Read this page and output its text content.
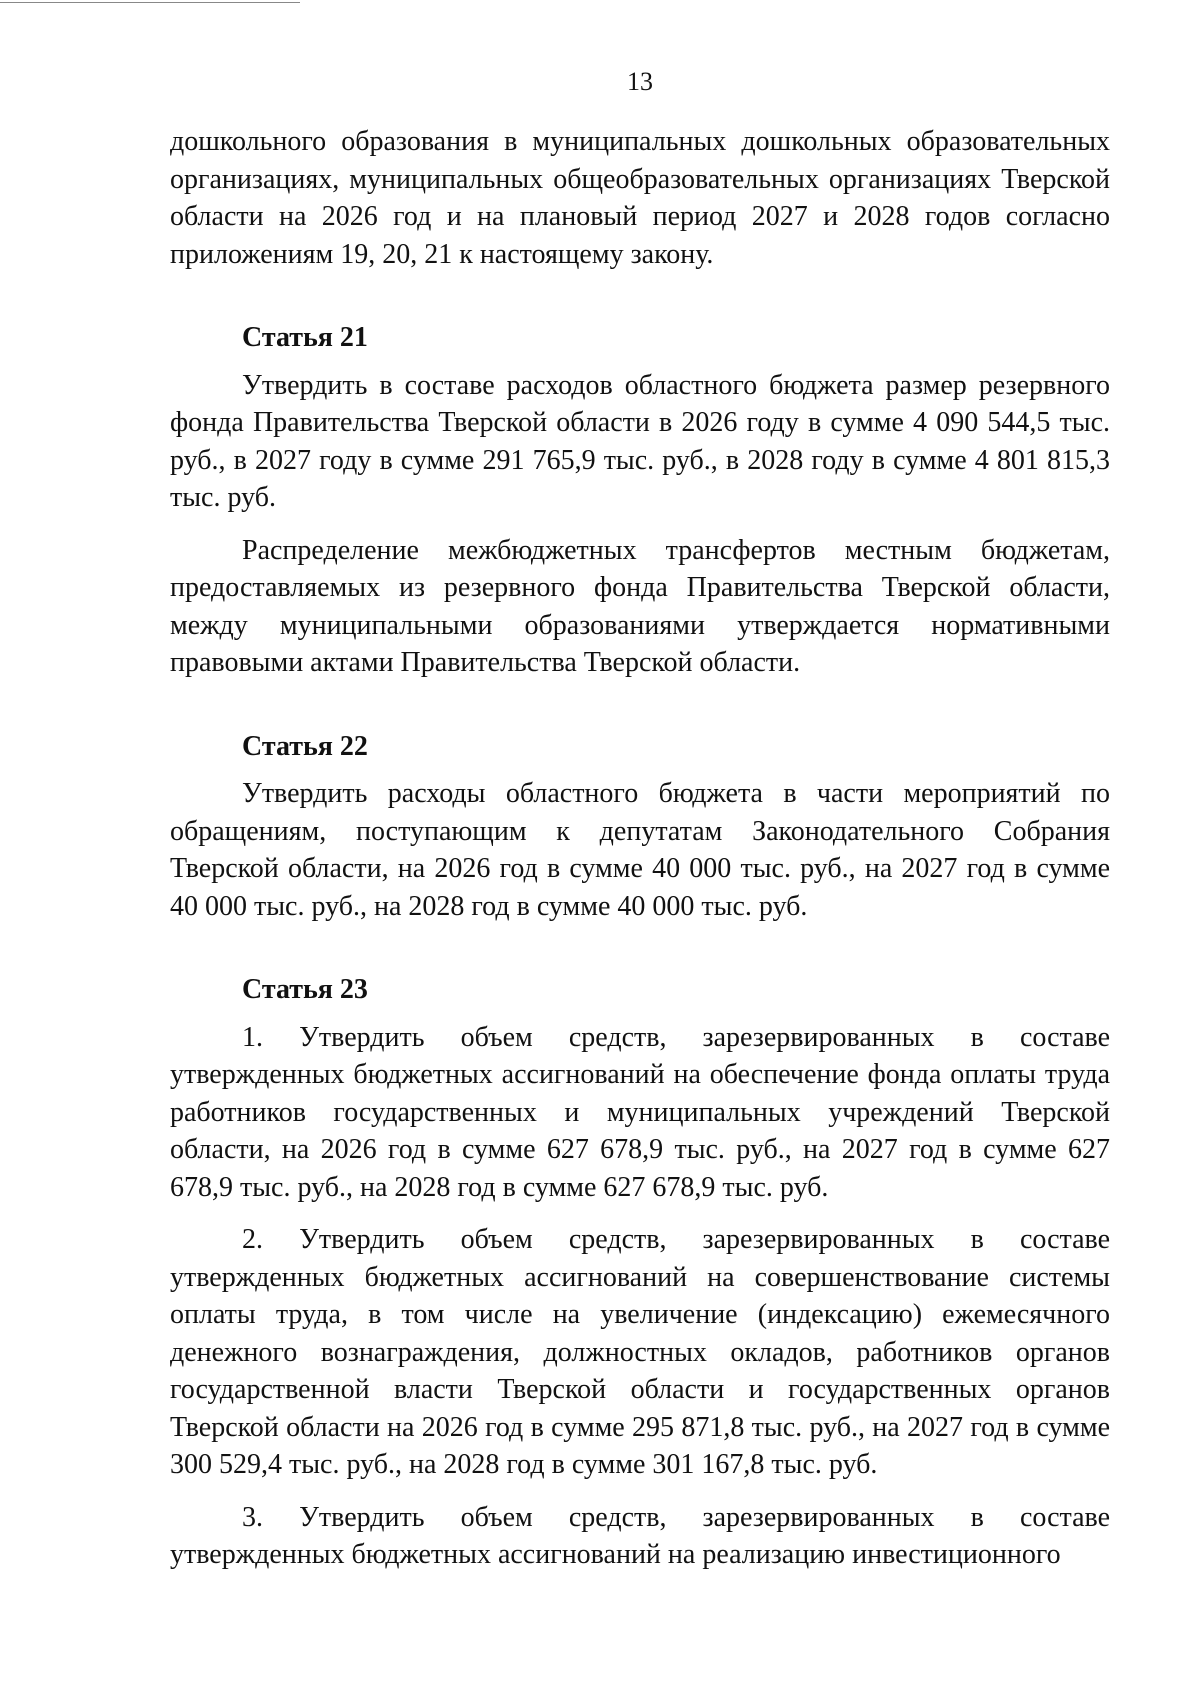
13

дошкольного образования в муниципальных дошкольных образовательных организациях, муниципальных общеобразовательных организациях Тверской области на 2026 год и на плановый период 2027 и 2028 годов согласно приложениям 19, 20, 21 к настоящему закону.

Статья 21

Утвердить в составе расходов областного бюджета размер резервного фонда Правительства Тверской области в 2026 году в сумме 4 090 544,5 тыс. руб., в 2027 году в сумме 291 765,9 тыс. руб., в 2028 году в сумме 4 801 815,3 тыс. руб.

Распределение межбюджетных трансфертов местным бюджетам, предоставляемых из резервного фонда Правительства Тверской области, между муниципальными образованиями утверждается нормативными правовыми актами Правительства Тверской области.

Статья 22

Утвердить расходы областного бюджета в части мероприятий по обращениям, поступающим к депутатам Законодательного Собрания Тверской области, на 2026 год в сумме 40 000 тыс. руб., на 2027 год в сумме 40 000 тыс. руб., на 2028 год в сумме 40 000 тыс. руб.

Статья 23

1. Утвердить объем средств, зарезервированных в составе утвержденных бюджетных ассигнований на обеспечение фонда оплаты труда работников государственных и муниципальных учреждений Тверской области, на 2026 год в сумме 627 678,9 тыс. руб., на 2027 год в сумме 627 678,9 тыс. руб., на 2028 год в сумме 627 678,9 тыс. руб.

2. Утвердить объем средств, зарезервированных в составе утвержденных бюджетных ассигнований на совершенствование системы оплаты труда, в том числе на увеличение (индексацию) ежемесячного денежного вознаграждения, должностных окладов, работников органов государственной власти Тверской области и государственных органов Тверской области на 2026 год в сумме 295 871,8 тыс. руб., на 2027 год в сумме 300 529,4 тыс. руб., на 2028 год в сумме 301 167,8 тыс. руб.

3. Утвердить объем средств, зарезервированных в составе утвержденных бюджетных ассигнований на реализацию инвестиционного
